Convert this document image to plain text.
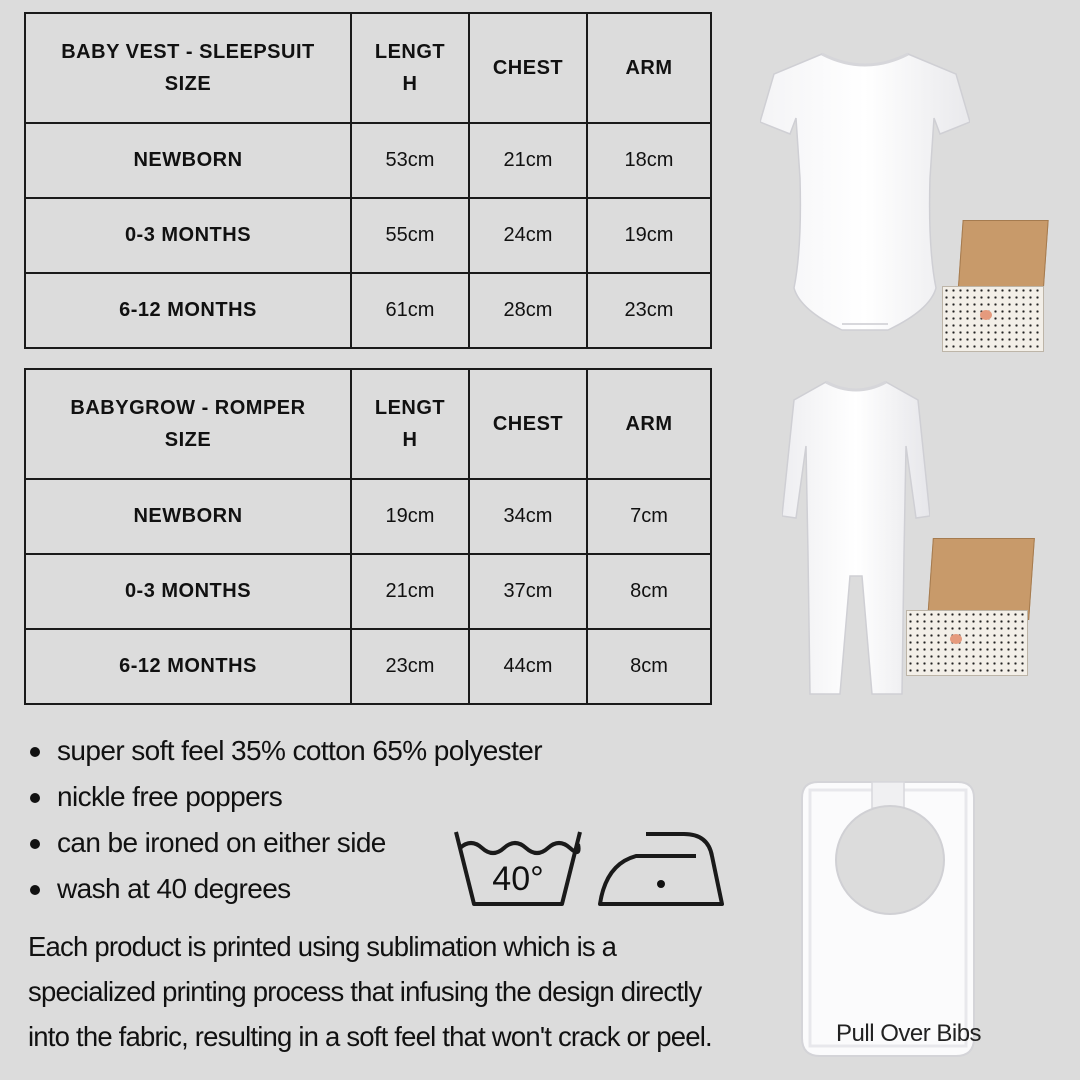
BABY VEST - SLEEPSUIT SIZE	LENGTH	CHEST	ARM
NEWBORN	53cm	21cm	18cm
0-3 MONTHS	55cm	24cm	19cm
6-12 MONTHS	61cm	28cm	23cm
BABYGROW - ROMPER SIZE	LENGTH	CHEST	ARM
NEWBORN	19cm	34cm	7cm
0-3 MONTHS	21cm	37cm	8cm
6-12 MONTHS	23cm	44cm	8cm
super soft feel 35% cotton 65% polyester
nickle free poppers
can be ironed on either side
wash at 40 degrees	40°
Each product is printed using sublimation which is a specialized printing process that infusing the design directly into the fabric, resulting in a soft feel that won't crack or peel.	Pull Over Bibs
